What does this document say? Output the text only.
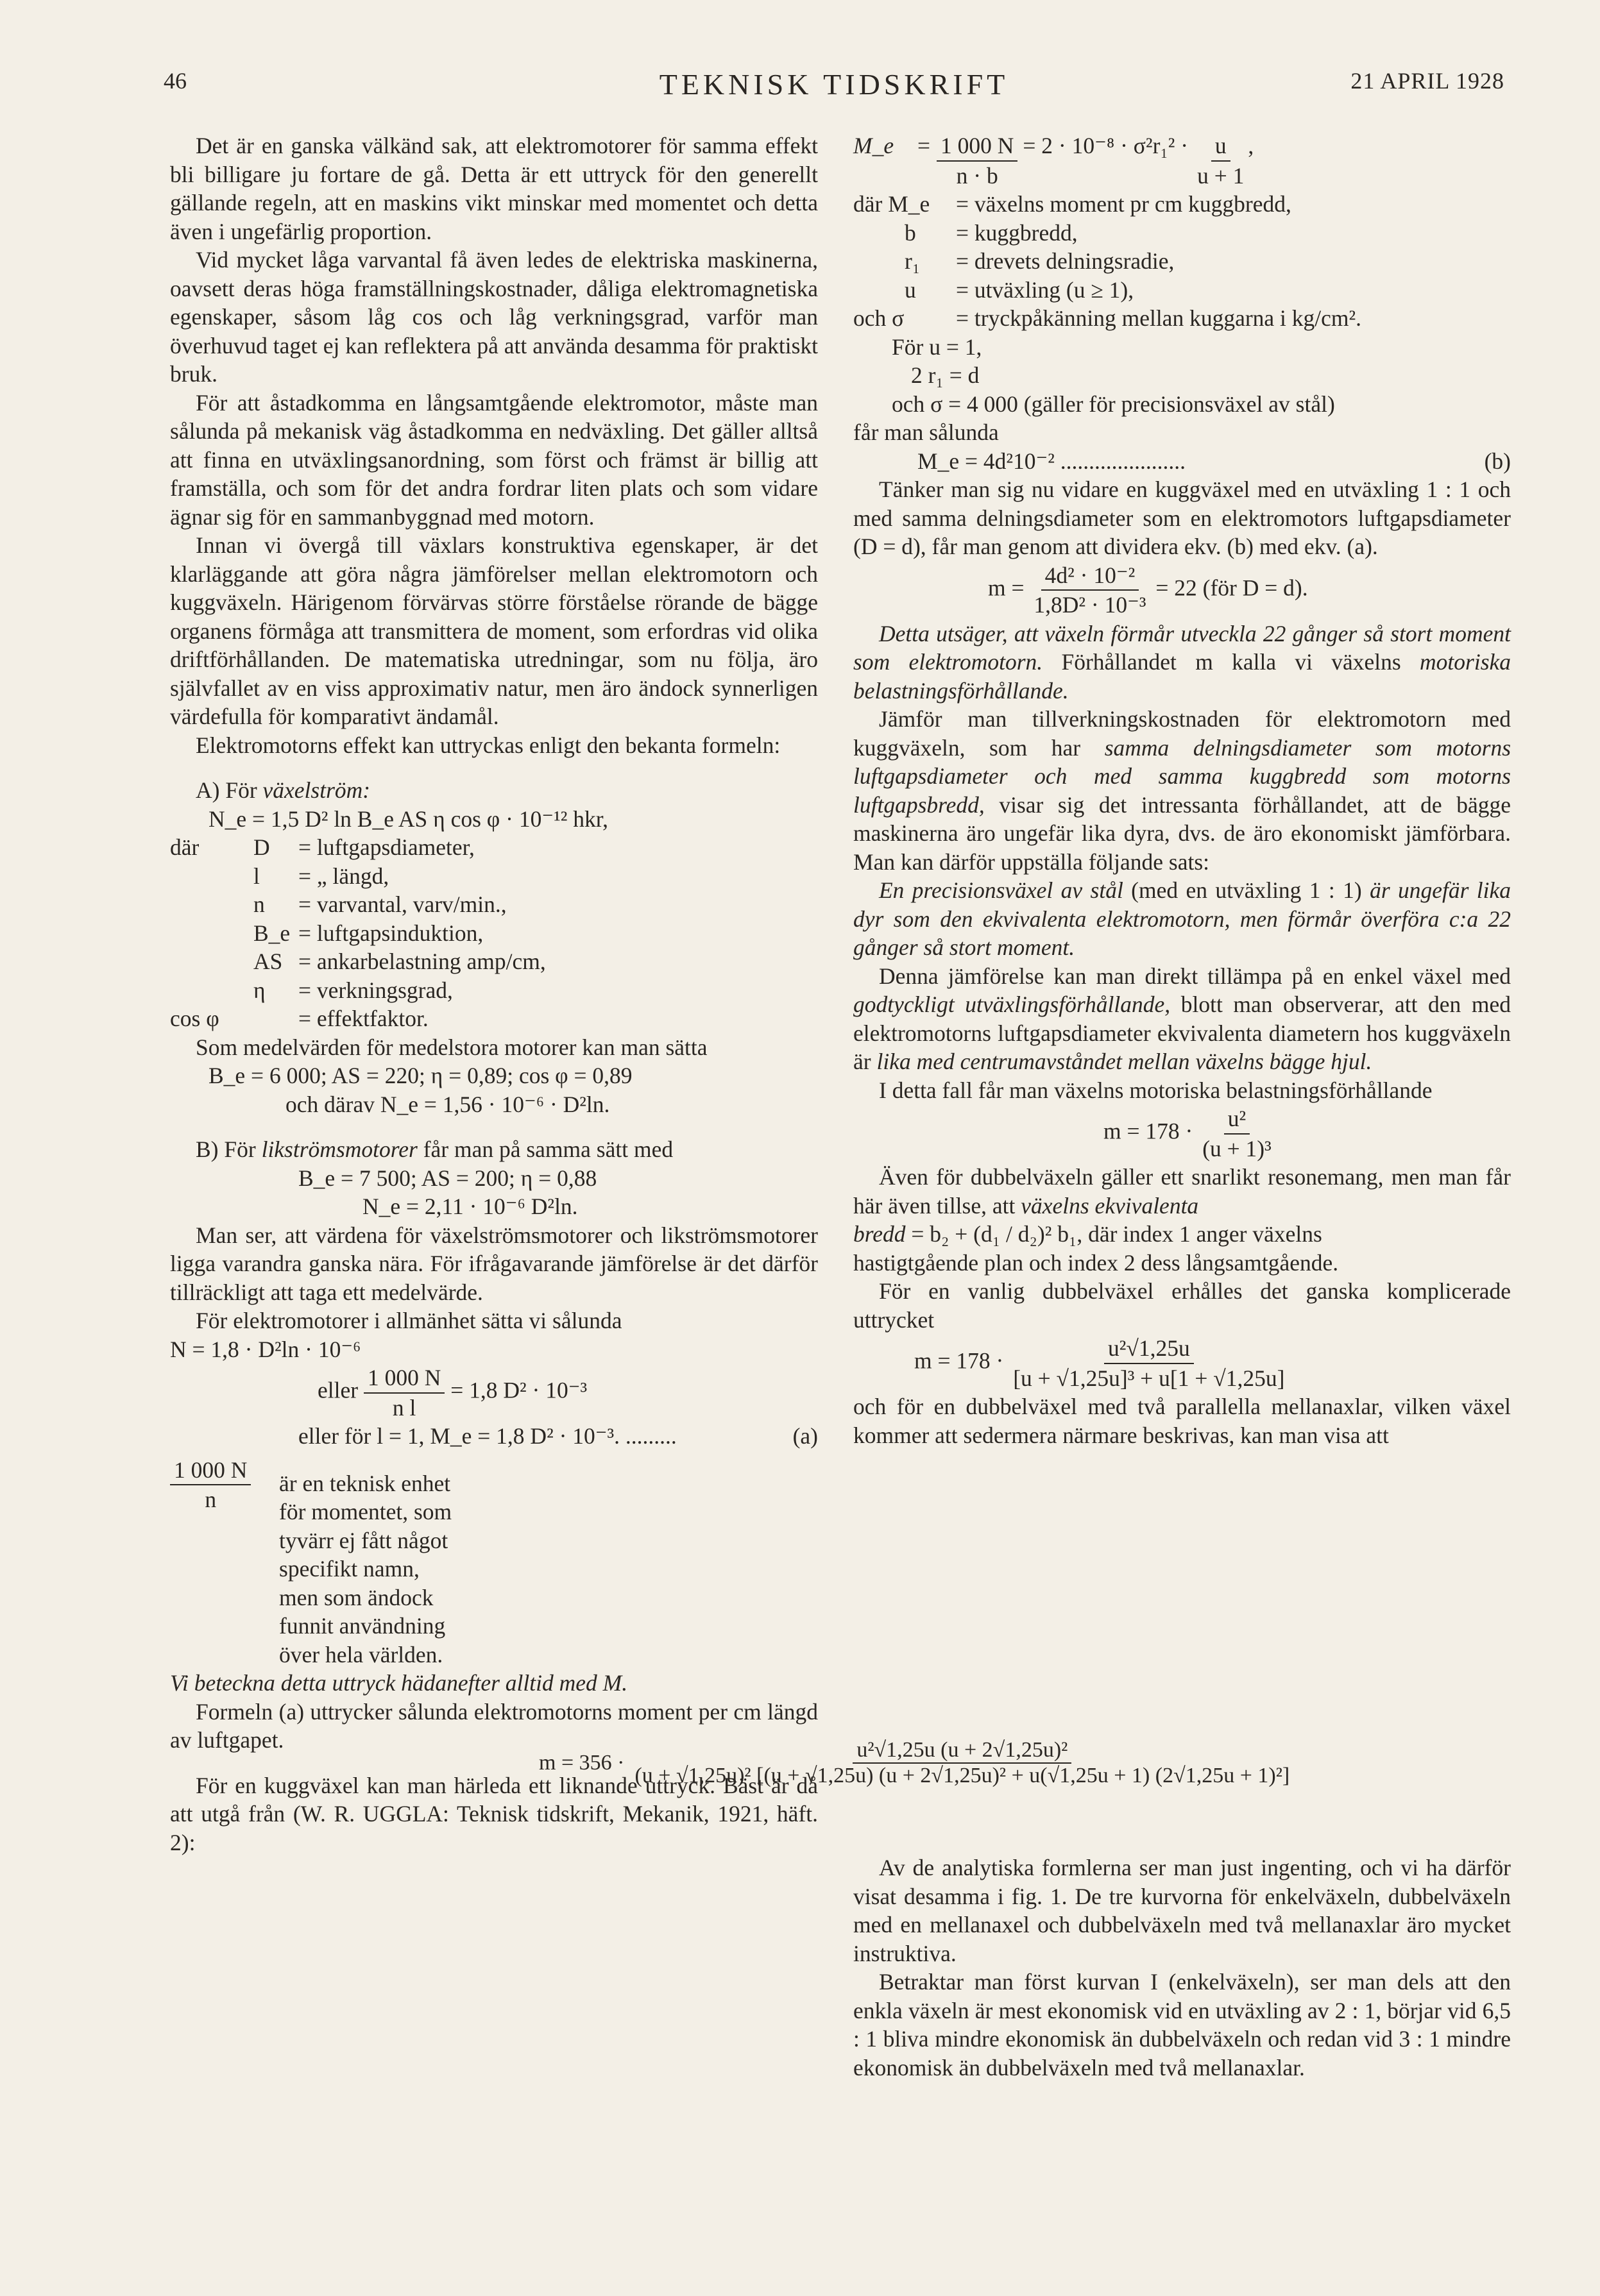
46	TEKNISK TIDSKRIFT	21 APRIL 1928

Det är en ganska välkänd sak, att elektromotorer för samma effekt bli billigare ju fortare de gå. Detta är ett uttryck för den generellt gällande regeln, att en maskins vikt minskar med momentet och detta även i ungefärlig proportion.

Vid mycket låga varvantal få även ledes de elektriska maskinerna, oavsett deras höga framställningskostnader, dåliga elektromagnetiska egenskaper, såsom låg cos och låg verkningsgrad, varför man överhuvud taget ej kan reflektera på att använda desamma för praktiskt bruk.

För att åstadkomma en långsamtgående elektromotor, måste man sålunda på mekanisk väg åstadkomma en nedväxling. Det gäller alltså att finna en utväxlingsanordning, som först och främst är billig att framställa, och som för det andra fordrar liten plats och som vidare ägnar sig för en sammanbyggnad med motorn.

Innan vi övergå till växlars konstruktiva egenskaper, är det klarläggande att göra några jämförelser mellan elektromotorn och kuggväxeln. Härigenom förvärvas större förståelse rörande de bägge organens förmåga att transmittera de moment, som erfordras vid olika driftförhållanden. De matematiska utredningar, som nu följa, äro självfallet av en viss approximativ natur, men äro ändock synnerligen värdefulla för komparativt ändamål.

Elektromotorns effekt kan uttryckas enligt den bekanta formeln:

A) För växelström:

N_e = 1,5 D² ln B_e AS η cos φ · 10⁻¹² hkr,

där	D	= luftgapsdiameter,
l	= „ längd,
n	= varvantal, varv/min.,
B_e = luftgapsinduktion,
AS = ankarbelastning amp/cm,
η	= verkningsgrad,
cos φ	= effektfaktor.

Som medelvärden för medelstora motorer kan man sätta

B_e = 6 000; AS = 220; η = 0,89; cos φ = 0,89

och därav N_e = 1,56 · 10⁻⁶ · D²ln.

B) För likströmsmotorer får man på samma sätt med

B_e = 7 500; AS = 200; η = 0,88

N_e = 2,11 · 10⁻⁶ D²ln.

Man ser, att värdena för växelströmsmotorer och likströmsmotorer ligga varandra ganska nära. För ifrågavarande jämförelse är det därför tillräckligt att taga ett medelvärde.

För elektromotorer i allmänhet sätta vi sålunda

N = 1,8 · D²ln · 10⁻⁶

eller $\frac{1 000 N}{\text{n l}} = 1,8$ D² · 10⁻³

eller för l = 1, M_e = 1,8 D² · 10⁻³. .........	(a)

$\frac{1 000 N}{n}$	är en teknisk enhet för momentet, som tyvärr ej fått något specifikt namn, men som ändock funnit användning över hela världen.

Vi beteckna detta uttryck hädanefter alltid med M.

Formeln (a) uttrycker sålunda elektromotorns moment per cm längd av luftgapet.

För en kuggväxel kan man härleda ett liknande uttryck. Bäst är då att utgå från (W. R. UGGLA: Teknisk tidskrift, Mekanik, 1921, häft. 2):

M_e	= $\frac{1 000 N}{n \cdot b} = 2 \cdot 10^{-8} \cdot \sigma^2r_1^2 \cdot \frac{u}{u + 1}$ ,
där M_e	= växelns moment pr cm kuggbredd,
b	= kuggbredd,
r₁	= drevets delningsradie,
u	= utväxling (u ≥ 1),
och σ	= tryckpåkänning mellan kuggarna i kg/cm².

För u = 1,

2 r₁ = d

och σ = 4 000 (gäller för precisionsväxel av stål)

får man sålunda

M_e = 4d²10⁻² ......................	(b)

Tänker man sig nu vidare en kuggväxel med en utväxling 1 : 1 och med samma delningsdiameter som en elektromotors luftgapsdiameter (D = d), får man genom att dividera ekv. (b) med ekv. (a).

$m = \frac{\text{4d² · 10⁻²}}{\text{1,8D² · 10⁻³}} = 22$ (för D = d).

Detta utsäger, att växeln förmår utveckla 22 gånger så stort moment som elektromotorn. Förhållandet m kalla vi växelns motoriska belastningsförhållande.

Jämför man tillverkningskostnaden för elektromotorn med kuggväxeln, som har samma delningsdiameter som motorns luftgapsdiameter och med samma kuggbredd som motorns luftgapsbredd, visar sig det intressanta förhållandet, att de bägge maskinerna äro ungefär lika dyra, dvs. de äro ekonomiskt jämförbara. Man kan därför uppställa följande sats:

En precisionsväxel av stål (med en utväxling 1 : 1) är ungefär lika dyr som den ekvivalenta elektromotorn, men förmår överföra c:a 22 gånger så stort moment.

Denna jämförelse kan man direkt tillämpa på en enkel växel med godtyckligt utväxlingsförhållande, blott man observerar, att den med elektromotorns luftgapsdiameter ekvivalenta diametern hos kuggväxeln är lika med centrumavståndet mellan växelns bägge hjul.

I detta fall får man växelns motoriska belastningsförhållande

$m = 178 \cdot \frac{\text{u²}}{\text{(u + 1)³}}$

Även för dubbelväxeln gäller ett snarlikt resonemang, men man får här även tillse, att växelns ekvivalenta

bredd = b₂ + (d₁ / d₂)² b₁, där index 1 anger växelns

hastigtgående plan och index 2 dess långsamtgående.

För en vanlig dubbelväxel erhålles det ganska komplicerade uttrycket

$m = 178 \cdot \frac{\text{u²√1,25u}}{\text{[u + √1,25u]³ + u[1 + √1,25u]}}$

och för en dubbelväxel med två parallella mellanaxlar, vilken växel kommer att sedermera närmare beskrivas, kan man visa att

m = 356 ·
u²√1,25u (u + 2√1,25u)²
(u + √1,25u)² [(u + √1,25u) (u + 2√1,25u)² + u(√1,25u + 1) (2√1,25u + 1)²]

Av de analytiska formlerna ser man just ingenting, och vi ha därför visat desamma i fig. 1. De tre kurvorna för enkelväxeln, dubbelväxeln med en mellanaxel och dubbelväxeln med två mellanaxlar äro mycket instruktiva.

Betraktar man först kurvan I (enkelväxeln), ser man dels att den enkla växeln är mest ekonomisk vid en utväxling av 2 : 1, börjar vid 6,5 : 1 bliva mindre ekonomisk än dubbelväxeln och redan vid 3 : 1 mindre ekonomisk än dubbelväxeln med två mellanaxlar.
